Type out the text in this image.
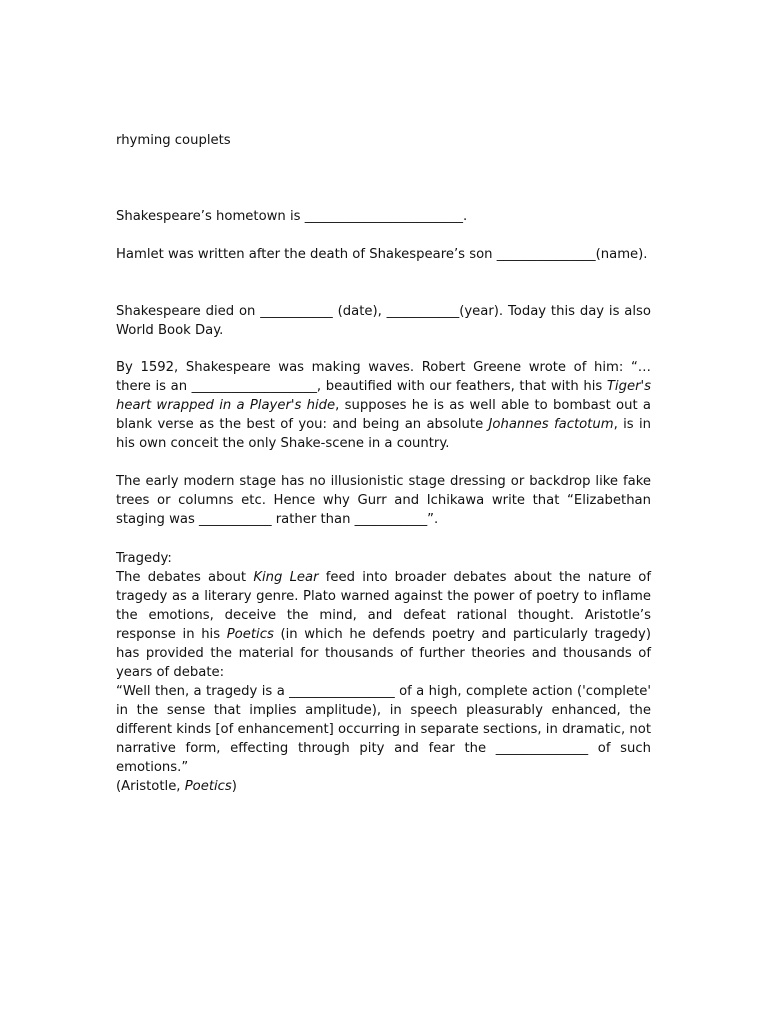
rhyming couplets

Shakespeare’s hometown is ________________________.

Hamlet was written after the death of Shakespeare’s son _______________(name).

Shakespeare died on ___________ (date), ___________(year). Today this day is also World Book Day.

By 1592, Shakespeare was making waves. Robert Greene wrote of him: “… there is an ___________________, beautified with our feathers, that with his Tiger's heart wrapped in a Player's hide, supposes he is as well able to bombast out a blank verse as the best of you: and being an absolute Johannes factotum, is in his own conceit the only Shake-scene in a country.

The early modern stage has no illusionistic stage dressing or backdrop like fake trees or columns etc. Hence why Gurr and Ichikawa write that “Elizabethan staging was ___________ rather than ___________”.

Tragedy:
The debates about King Lear feed into broader debates about the nature of tragedy as a literary genre. Plato warned against the power of poetry to inflame the emotions, deceive the mind, and defeat rational thought. Aristotle’s response in his Poetics (in which he defends poetry and particularly tragedy) has provided the material for thousands of further theories and thousands of years of debate:
“Well then, a tragedy is a ________________ of a high, complete action ('complete' in the sense that implies amplitude), in speech pleasurably enhanced, the different kinds [of enhancement] occurring in separate sections, in dramatic, not narrative form, effecting through pity and fear the ______________ of such emotions.”
(Aristotle, Poetics)
